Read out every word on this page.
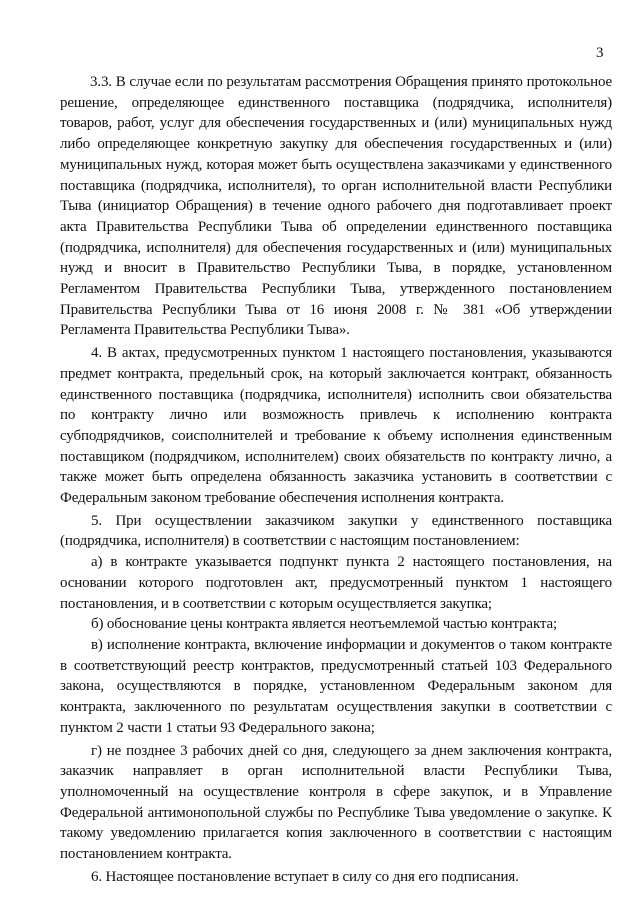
3

3.3. В случае если по результатам рассмотрения Обращения принято протокольное решение, определяющее единственного поставщика (подрядчика, исполнителя) товаров, работ, услуг для обеспечения государственных и (или) муниципальных нужд либо определяющее конкретную закупку для обеспечения государственных и (или) муниципальных нужд, которая может быть осуществлена заказчиками у единственного поставщика (подрядчика, исполнителя), то орган исполнительной власти Республики Тыва (инициатор Обращения) в течение одного рабочего дня подготавливает проект акта Правительства Республики Тыва об определении единственного поставщика (подрядчика, исполнителя) для обеспечения государственных и (или) муниципальных нужд и вносит в Правительство Республики Тыва, в порядке, установленном Регламентом Правительства Республики Тыва, утвержденного постановлением Правительства Республики Тыва от 16 июня 2008 г. № 381 «Об утверждении Регламента Правительства Республики Тыва».

4. В актах, предусмотренных пунктом 1 настоящего постановления, указываются предмет контракта, предельный срок, на который заключается контракт, обязанность единственного поставщика (подрядчика, исполнителя) исполнить свои обязательства по контракту лично или возможность привлечь к исполнению контракта субподрядчиков, соисполнителей и требование к объему исполнения единственным поставщиком (подрядчиком, исполнителем) своих обязательств по контракту лично, а также может быть определена обязанность заказчика установить в соответствии с Федеральным законом требование обеспечения исполнения контракта.

5. При осуществлении заказчиком закупки у единственного поставщика (подрядчика, исполнителя) в соответствии с настоящим постановлением:

а) в контракте указывается подпункт пункта 2 настоящего постановления, на основании которого подготовлен акт, предусмотренный пунктом 1 настоящего постановления, и в соответствии с которым осуществляется закупка;

б) обоснование цены контракта является неотъемлемой частью контракта;

в) исполнение контракта, включение информации и документов о таком контракте в соответствующий реестр контрактов, предусмотренный статьей 103 Федерального закона, осуществляются в порядке, установленном Федеральным законом для контракта, заключенного по результатам осуществления закупки в соответствии с пунктом 2 части 1 статьи 93 Федерального закона;

г) не позднее 3 рабочих дней со дня, следующего за днем заключения контракта, заказчик направляет в орган исполнительной власти Республики Тыва, уполномоченный на осуществление контроля в сфере закупок, и в Управление Федеральной антимонопольной службы по Республике Тыва уведомление о закупке. К такому уведомлению прилагается копия заключенного в соответствии с настоящим постановлением контракта.

6. Настоящее постановление вступает в силу со дня его подписания.
